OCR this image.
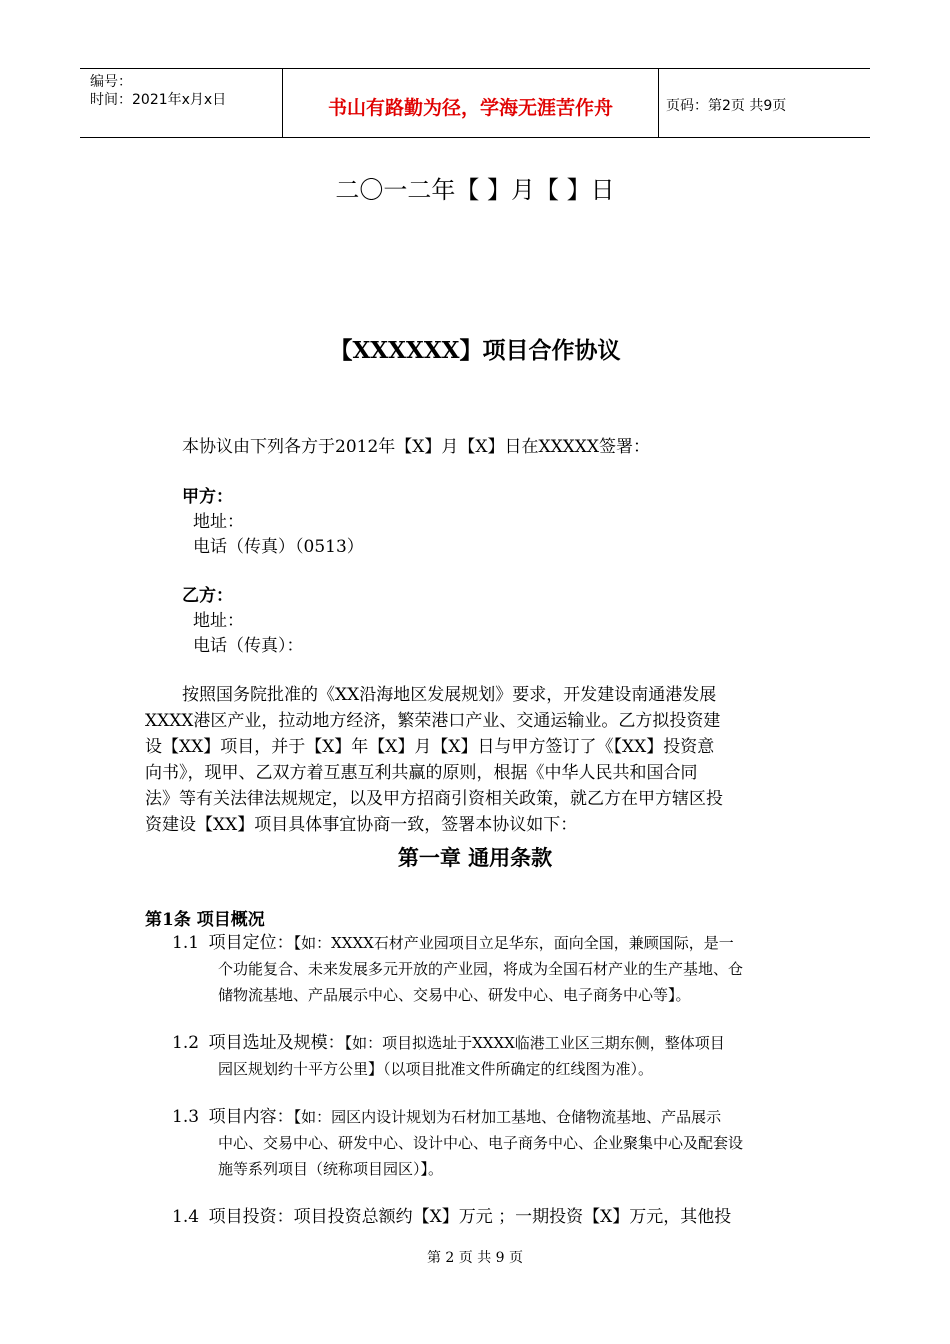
编号：
时间：2021年x月x日	书山有路勤为径，学海无涯苦作舟	页码：第2页 共9页
二〇一二年【 】月【 】日
【XXXXXX】项目合作协议
本协议由下列各方于2012年【X】月【X】日在XXXXX签署：
甲方：
地址：
电话（传真）（0513）
乙方：
地址：
电话（传真）：
按照国务院批准的《XX沿海地区发展规划》要求，开发建设南通港发展
XXXX港区产业，拉动地方经济，繁荣港口产业、交通运输业。乙方拟投资建
设【XX】项目，并于【X】年【X】月【X】日与甲方签订了《【XX】投资意
向书》，现甲、乙双方着互惠互利共赢的原则，根据《中华人民共和国合同
法》等有关法律法规规定，以及甲方招商引资相关政策，就乙方在甲方辖区投
资建设【XX】项目具体事宜协商一致，签署本协议如下：
第一章 通用条款
第1条 项目概况
1.1 项目定位：【如：XXXX石材产业园项目立足华东，面向全国，兼顾国际，是一
个功能复合、未来发展多元开放的产业园，将成为全国石材产业的生产基地、仓
储物流基地、产品展示中心、交易中心、研发中心、电子商务中心等】。
1.2 项目选址及规模：【如：项目拟选址于XXXX临港工业区三期东侧，整体项目
园区规划约十平方公里】（以项目批准文件所确定的红线图为准）。
1.3 项目内容：【如：园区内设计规划为石材加工基地、仓储物流基地、产品展示
中心、交易中心、研发中心、设计中心、电子商务中心、企业聚集中心及配套设
施等系列项目（统称项目园区）】。
1.4 项目投资：项目投资总额约【X】万元 ；一期投资【X】万元，其他投
第 2 页 共 9 页
